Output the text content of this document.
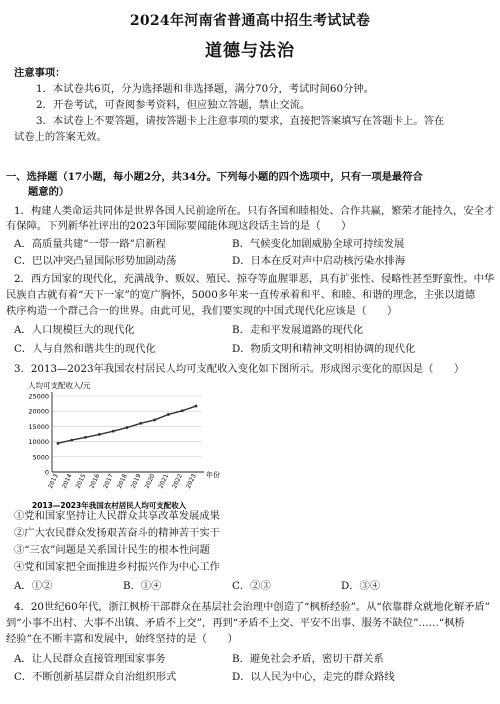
2024年河南省普通高中招生考试试卷
道德与法治
注意事项：
1．本试卷共6页，分为选择题和非选择题，满分70分，考试时间60分钟。
2．开卷考试，可查阅参考资料，但应独立答题，禁止交流。
3．本试卷上不要答题，请按答题卡上注意事项的要求，直接把答案填写在答题卡上。答在
试卷上的答案无效。
一、选择题（17小题，每小题2分，共34分。下列每小题的四个选项中，只有一项是最符合
题意的）
1．构建人类命运共同体是世界各国人民前途所在。只有各国和睦相处、合作共赢，繁荣才能持久，安全才
有保障。下列新华社评出的2023年国际要闻能体现这段话主旨的是（　　）
A．高质量共建“一带一路”启新程	B．气候变化加剧威胁全球可持续发展
C．巴以冲突凸显国际形势加剧动荡	D．日本在反对声中启动核污染水排海
2．西方国家的现代化，充满战争、贩奴、殖民、掠夺等血腥罪恶，具有扩张性、侵略性甚至野蛮性。中华
民族自古就有着“天下一家”的宽广胸怀，5000多年来一直传承着和平、和睦、和谐的理念，主张以道德
秩序构造一个群己合一的世界。由此可见，我们要实现的中国式现代化应该是（　　）
A．人口规模巨大的现代化	B．走和平发展道路的现代化
C．人与自然和谐共生的现代化	D．物质文明和精神文明相协调的现代化
3．2013—2023年我国农村居民人均可支配收入变化如下图所示。形成图示变化的原因是（　　）
人均可支配收入/元
0
5000
10000
15000
20000
25000
2013 2014 2015 2016 2017 2018 2019 2020 2021 2022 2023 年份
2013—2023年我国农村居民人均可支配收入
①党和国家坚持让人民群众共享改革发展成果
②广大农民群众发扬艰苦奋斗的精神苦干实干
③“三农”问题是关系国计民生的根本性问题
④党和国家把全面推进乡村振兴作为中心工作
A．①②	B．①④	C．②③	D．③④
4．20世纪60年代，浙江枫桥干部群众在基层社会治理中创造了“枫桥经验”。从“依靠群众就地化解矛盾”
到“小事不出村、大事不出镇、矛盾不上交”，再到“矛盾不上交、平安不出事、服务不缺位”……“枫桥
经验”在不断丰富和发展中，始终坚持的是（　　）
A．让人民群众直接管理国家事务	B．避免社会矛盾，密切干群关系
C．不断创新基层群众自治组织形式	D．以人民为中心，走完的群众路线
